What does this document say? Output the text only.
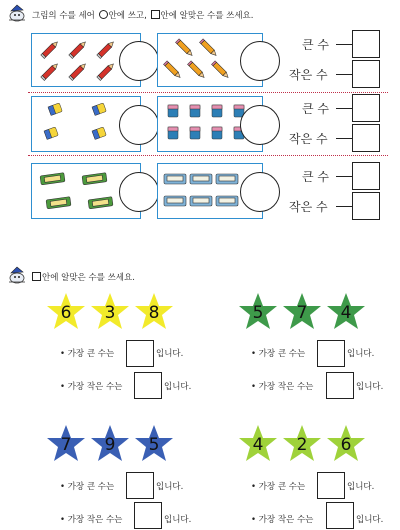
그림의 수를 세어 안에 쓰고, 안에 알맞은 수를 쓰세요.
큰 수
작은 수
큰 수
작은 수
큰 수
작은 수
안에 알맞은 수를 쓰세요.
6	3	8	5	7	4
7	9	5	4	2	6
• 가장 큰 수는	입니다.
• 가장 작은 수는	입니다.
• 가장 큰 수는	입니다.
• 가장 작은 수는	입니다.
• 가장 큰 수는	입니다.
• 가장 작은 수는	입니다.
• 가장 큰 수는	입니다.
• 가장 작은 수는	입니다.
